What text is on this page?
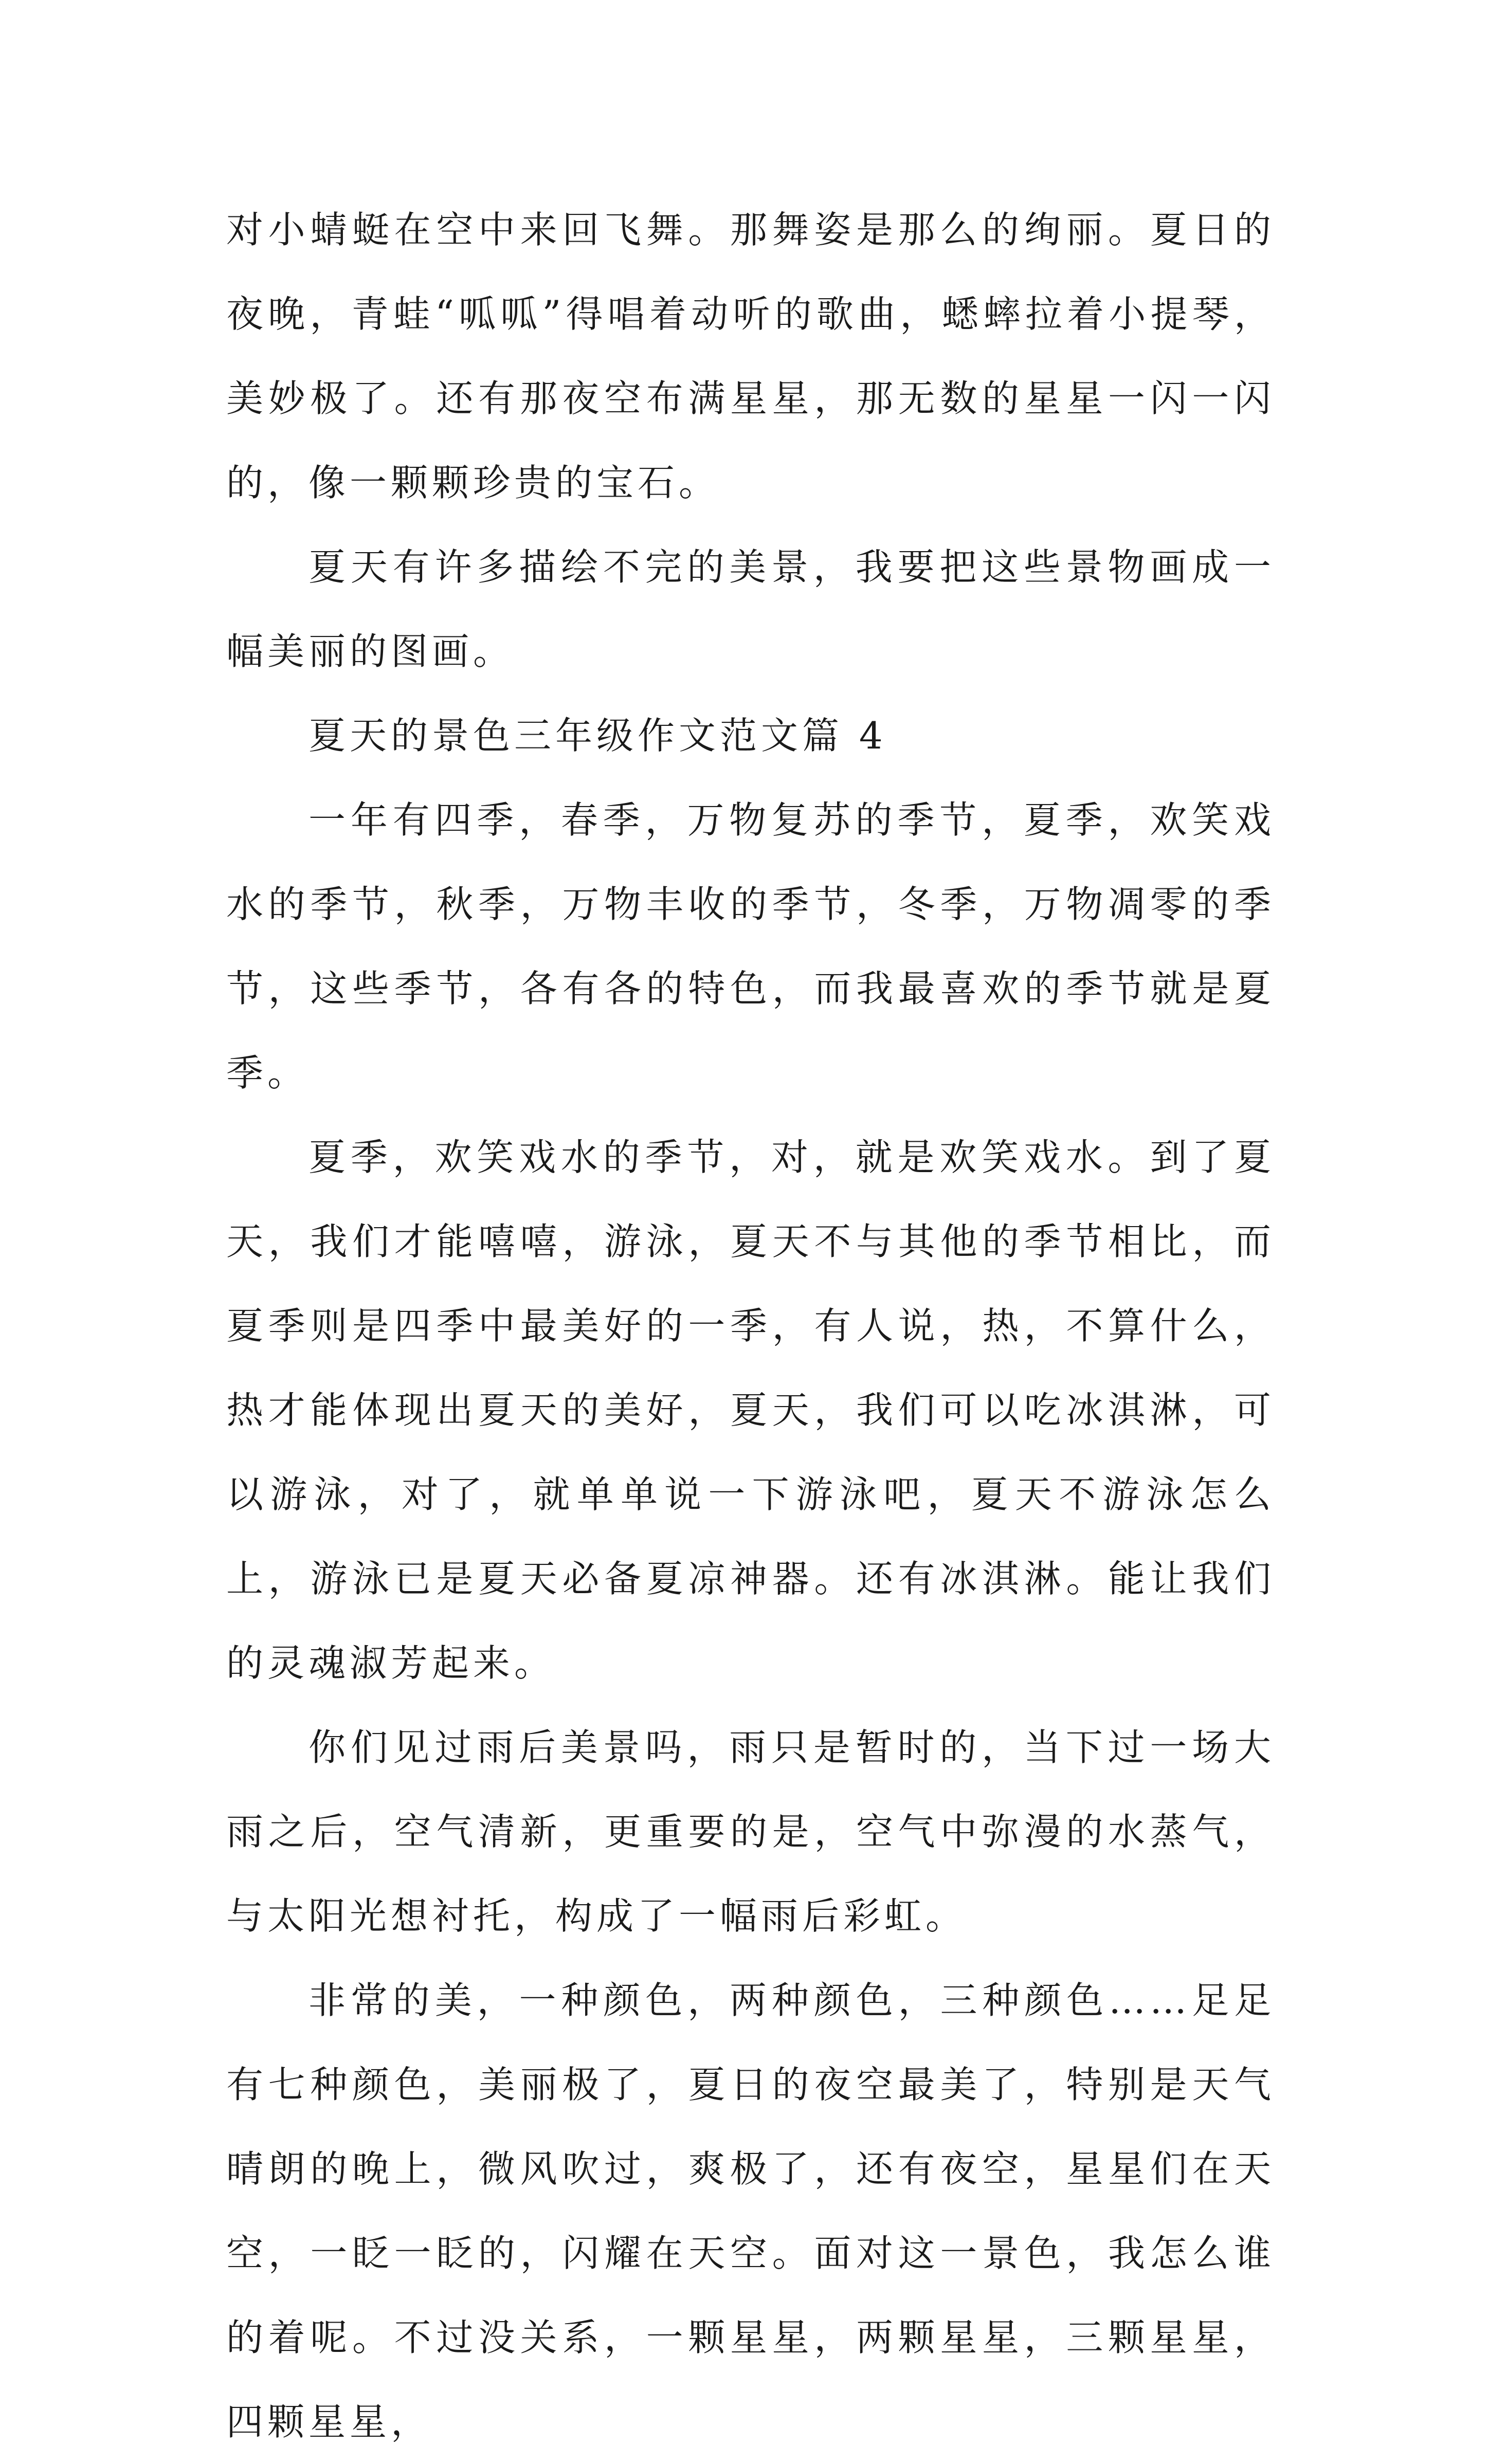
对小蜻蜓在空中来回飞舞。那舞姿是那么的绚丽。夏日的夜晚，青蛙“呱呱”得唱着动听的歌曲，蟋蟀拉着小提琴，美妙极了。还有那夜空布满星星，那无数的星星一闪一闪的，像一颗颗珍贵的宝石。

夏天有许多描绘不完的美景，我要把这些景物画成一幅美丽的图画。

夏天的景色三年级作文范文篇 4

一年有四季，春季，万物复苏的季节，夏季，欢笑戏水的季节，秋季，万物丰收的季节，冬季，万物凋零的季节，这些季节，各有各的特色，而我最喜欢的季节就是夏季。

夏季，欢笑戏水的季节，对，就是欢笑戏水。到了夏天，我们才能嘻嘻，游泳，夏天不与其他的季节相比，而夏季则是四季中最美好的一季，有人说，热，不算什么，热才能体现出夏天的美好，夏天，我们可以吃冰淇淋，可以游泳，对了，就单单说一下游泳吧，夏天不游泳怎么上，游泳已是夏天必备夏凉神器。还有冰淇淋。能让我们的灵魂淑芳起来。

你们见过雨后美景吗，雨只是暂时的，当下过一场大雨之后，空气清新，更重要的是，空气中弥漫的水蒸气，与太阳光想衬托，构成了一幅雨后彩虹。

非常的美，一种颜色，两种颜色，三种颜色……足足有七种颜色，美丽极了，夏日的夜空最美了，特别是天气晴朗的晚上，微风吹过，爽极了，还有夜空，星星们在天空，一眨一眨的，闪耀在天空。面对这一景色，我怎么谁的着呢。不过没关系，一颗星星，两颗星星，三颗星星，四颗星星，
